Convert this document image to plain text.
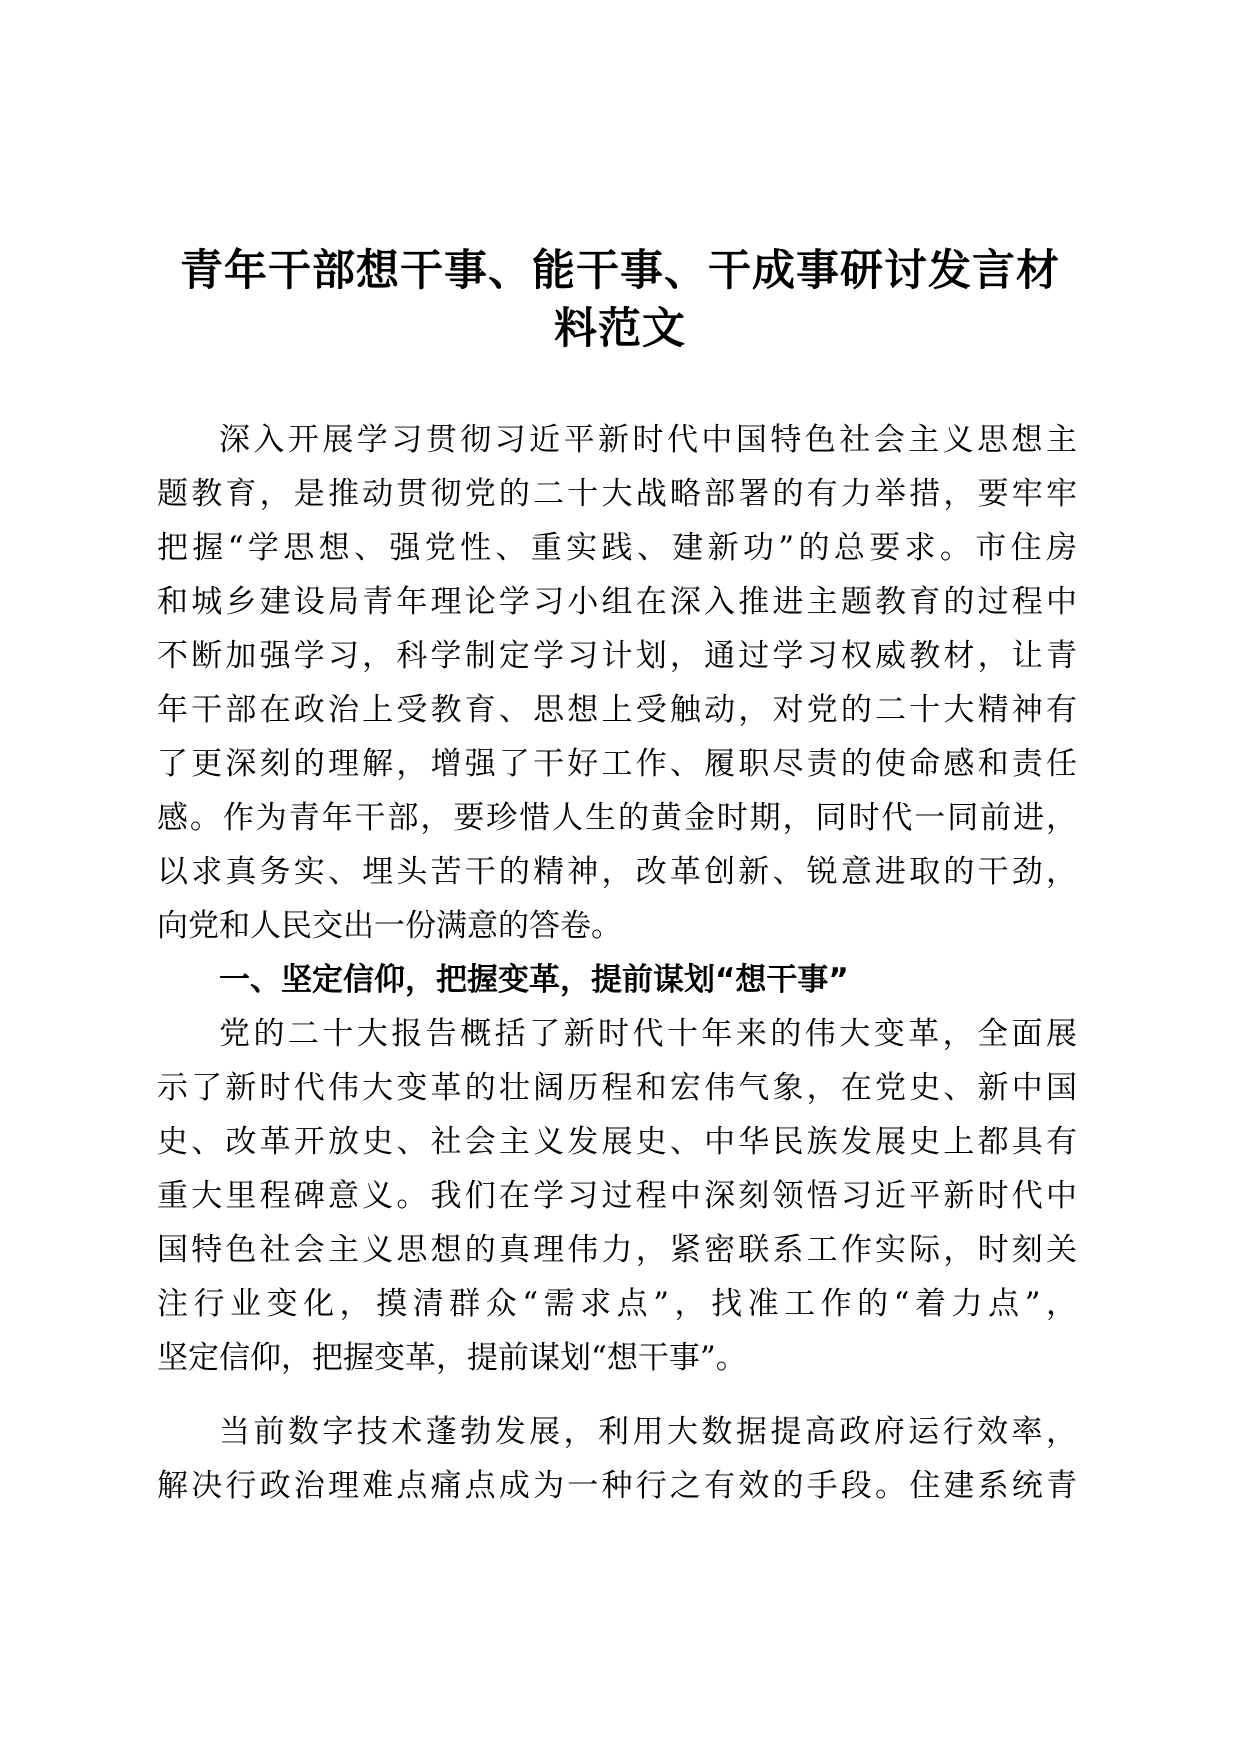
青年干部想干事、能干事、干成事研讨发言材
料范文
深入开展学习贯彻习近平新时代中国特色社会主义思想主
题教育，是推动贯彻党的二十大战略部署的有力举措，要牢牢
把握“学思想、强党性、重实践、建新功”的总要求。市住房
和城乡建设局青年理论学习小组在深入推进主题教育的过程中
不断加强学习，科学制定学习计划，通过学习权威教材，让青
年干部在政治上受教育、思想上受触动，对党的二十大精神有
了更深刻的理解，增强了干好工作、履职尽责的使命感和责任
感。作为青年干部，要珍惜人生的黄金时期，同时代一同前进，
以求真务实、埋头苦干的精神，改革创新、锐意进取的干劲，
向党和人民交出一份满意的答卷。
一、坚定信仰，把握变革，提前谋划“想干事”
党的二十大报告概括了新时代十年来的伟大变革，全面展
示了新时代伟大变革的壮阔历程和宏伟气象，在党史、新中国
史、改革开放史、社会主义发展史、中华民族发展史上都具有
重大里程碑意义。我们在学习过程中深刻领悟习近平新时代中
国特色社会主义思想的真理伟力，紧密联系工作实际，时刻关
注行业变化，摸清群众“需求点”，找准工作的“着力点”，
坚定信仰，把握变革，提前谋划“想干事”。
当前数字技术蓬勃发展，利用大数据提高政府运行效率，
解决行政治理难点痛点成为一种行之有效的手段。住建系统青
